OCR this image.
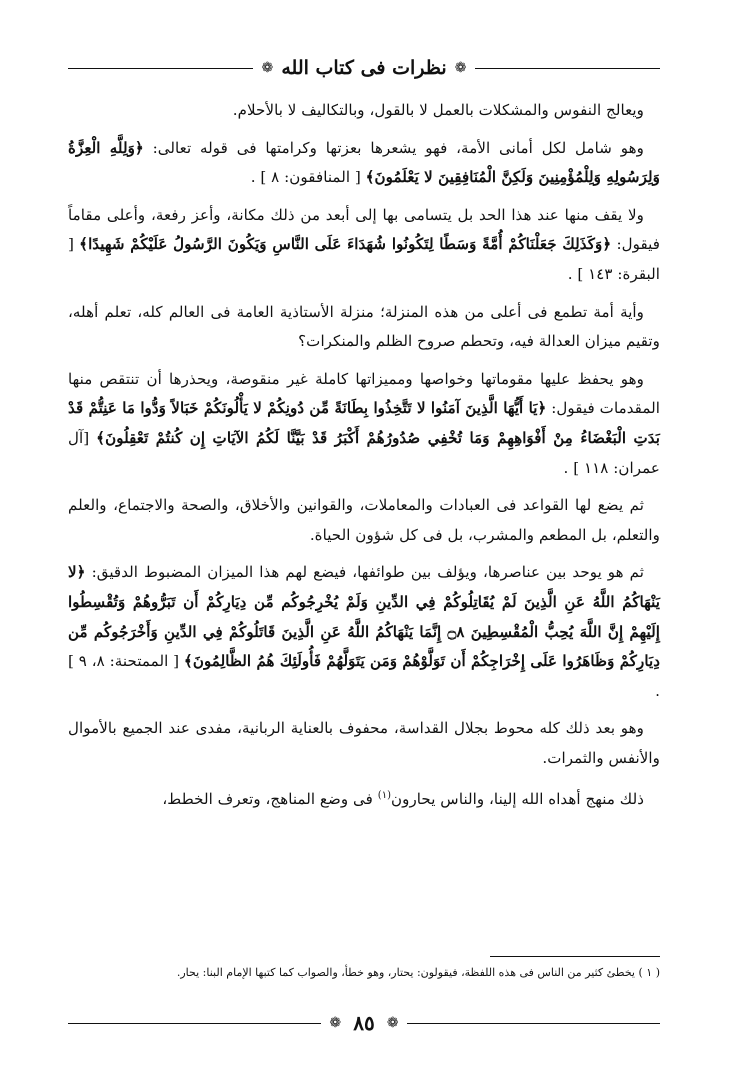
❁
نظرات فى كتاب الله
❁

ويعالج النفوس والمشكلات بالعمل لا بالقول، وبالتكاليف لا بالأحلام.

وهو شامل لكل أمانى الأمة، فهو يشعرها بعزتها وكرامتها فى قوله تعالى: ﴿وَلِلَّهِ الْعِزَّةُ وَلِرَسُولِهِ وَلِلْمُؤْمِنِينَ وَلَكِنَّ الْمُنَافِقِينَ لا يَعْلَمُونَ﴾ [ المنافقون: ٨ ] .

ولا يقف منها عند هذا الحد بل يتسامى بها إلى أبعد من ذلك مكانة، وأعز رفعة، وأعلى مقاماً فيقول: ﴿وَكَذَلِكَ جَعَلْنَاكُمْ أُمَّةً وَسَطًا لِتَكُونُوا شُهَدَاءَ عَلَى النَّاسِ وَيَكُونَ الرَّسُولُ عَلَيْكُمْ شَهِيدًا﴾ [ البقرة: ١٤٣ ] .

وأية أمة تطمع فى أعلى من هذه المنزلة؛ منزلة الأستاذية العامة فى العالم كله، تعلم أهله، وتقيم ميزان العدالة فيه، وتحطم صروح الظلم والمنكرات؟

وهو يحفظ عليها مقوماتها وخواصها ومميزاتها كاملة غير منقوصة، ويحذرها أن تنتقص منها المقدمات فيقول: ﴿يَا أَيُّهَا الَّذِينَ آمَنُوا لا تَتَّخِذُوا بِطَانَةً مِّن دُونِكُمْ لا يَأْلُونَكُمْ خَبَالاً وَدُّوا مَا عَنِتُّمْ قَدْ بَدَتِ الْبَغْضَاءُ مِنْ أَفْوَاهِهِمْ وَمَا تُخْفِي صُدُورُهُمْ أَكْبَرُ قَدْ بَيَّنَّا لَكُمُ الآيَاتِ إِن كُنتُمْ تَعْقِلُونَ﴾ [آل عمران: ١١٨ ] .

ثم يضع لها القواعد فى العبادات والمعاملات، والقوانين والأخلاق، والصحة والاجتماع، والعلم والتعلم، بل المطعم والمشرب، بل فى كل شؤون الحياة.

ثم هو يوحد بين عناصرها، ويؤلف بين طوائفها، فيضع لهم هذا الميزان المضبوط الدقيق: ﴿لا يَنْهَاكُمُ اللَّهُ عَنِ الَّذِينَ لَمْ يُقَاتِلُوكُمْ فِي الدِّينِ وَلَمْ يُخْرِجُوكُم مِّن دِيَارِكُمْ أَن تَبَرُّوهُمْ وَتُقْسِطُوا إِلَيْهِمْ إِنَّ اللَّهَ يُحِبُّ الْمُقْسِطِينَ ۝٨ إِنَّمَا يَنْهَاكُمُ اللَّهُ عَنِ الَّذِينَ قَاتَلُوكُمْ فِي الدِّينِ وَأَخْرَجُوكُم مِّن دِيَارِكُمْ وَظَاهَرُوا عَلَى إِخْرَاجِكُمْ أَن تَوَلَّوْهُمْ وَمَن يَتَوَلَّهُمْ فَأُولَئِكَ هُمُ الظَّالِمُونَ﴾ [ الممتحنة: ٨، ٩ ] .

وهو بعد ذلك كله محوط بجلال القداسة، محفوف بالعناية الربانية، مفدى عند الجميع بالأموال والأنفس والثمرات.

ذلك منهج أهداه الله إلينا، والناس يحارون$^{(١)}$ فى وضع المناهج، وتعرف الخطط،

( ١ ) يخطئ كثير من الناس فى هذه اللفظة، فيقولون: يحتار، وهو خطأ، والصواب كما كتبها الإمام البنا: يحار.
❁
٨٥
❁
